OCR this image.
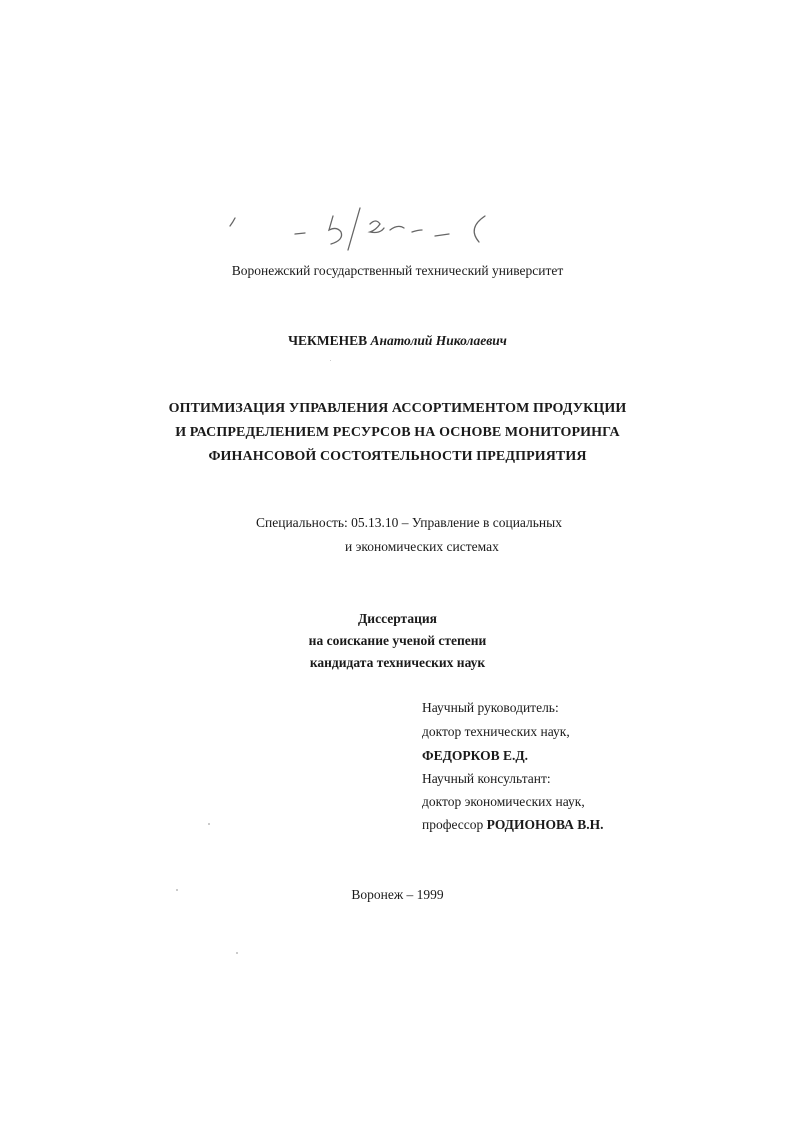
Воронежский государственный технический университет
ЧЕКМЕНЕВ Анатолий Николаевич
ОПТИМИЗАЦИЯ УПРАВЛЕНИЯ АССОРТИМЕНТОМ ПРОДУКЦИИ
И РАСПРЕДЕЛЕНИЕМ РЕСУРСОВ НА ОСНОВЕ МОНИТОРИНГА
ФИНАНСОВОЙ СОСТОЯТЕЛЬНОСТИ ПРЕДПРИЯТИЯ
Специальность: 05.13.10 – Управление в социальных
и экономических системах
Диссертация
на соискание ученой степени
кандидата технических наук
Научный руководитель:
доктор технических наук,
ФЕДОРКОВ Е.Д.
Научный консультант:
доктор экономических наук,
профессор РОДИОНОВА В.Н.
Воронеж – 1999
